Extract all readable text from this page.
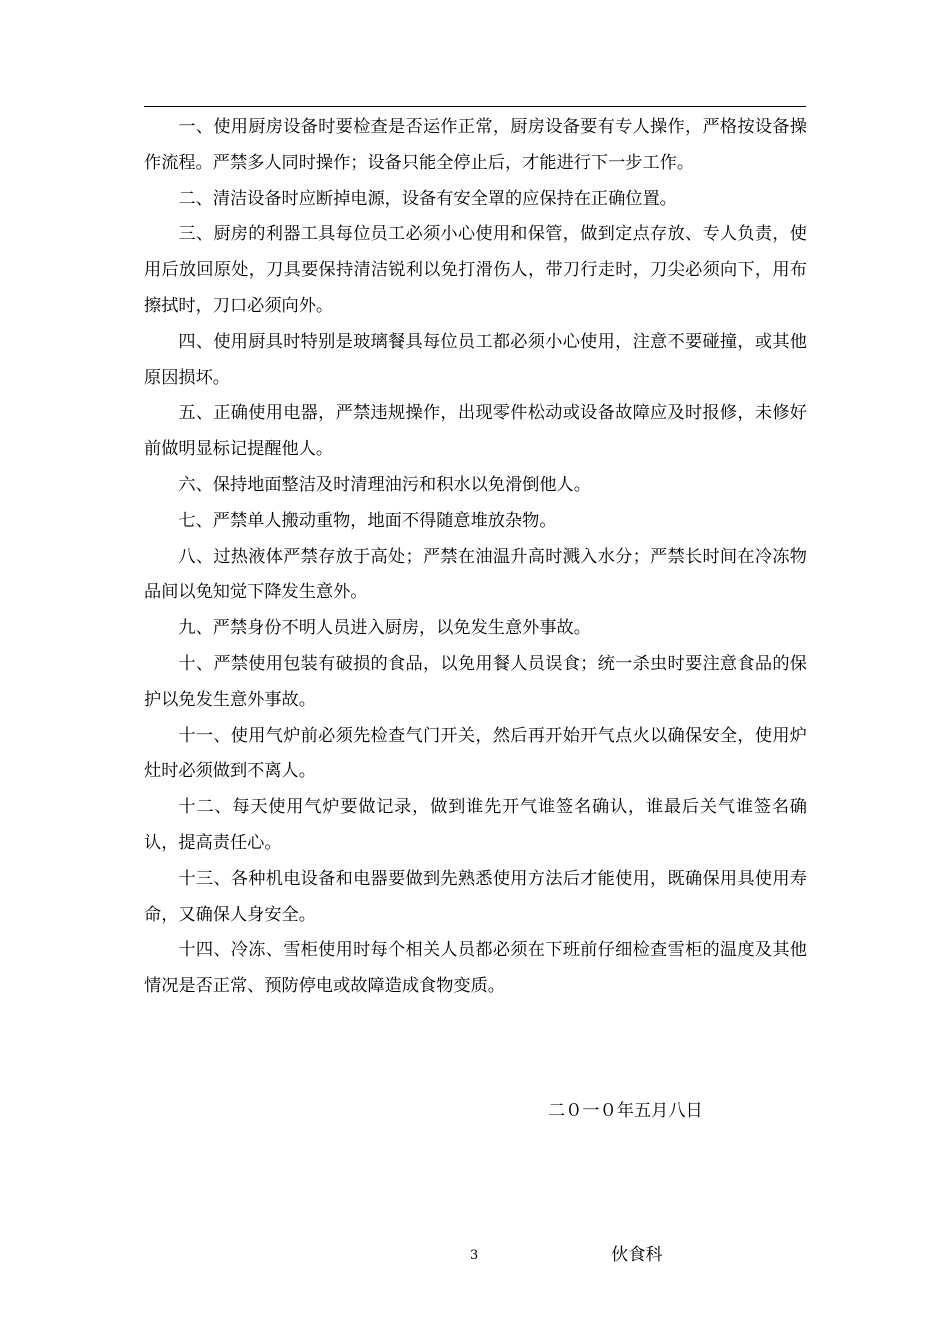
一、使用厨房设备时要检查是否运作正常，厨房设备要有专人操作，严格按设备操作流程。严禁多人同时操作；设备只能全停止后，才能进行下一步工作。

二、清洁设备时应断掉电源，设备有安全罩的应保持在正确位置。

三、厨房的利器工具每位员工必须小心使用和保管，做到定点存放、专人负责，使用后放回原处，刀具要保持清洁锐利以免打滑伤人，带刀行走时，刀尖必须向下，用布擦拭时，刀口必须向外。

四、使用厨具时特别是玻璃餐具每位员工都必须小心使用，注意不要碰撞，或其他原因损坏。

五、正确使用电器，严禁违规操作，出现零件松动或设备故障应及时报修，未修好前做明显标记提醒他人。

六、保持地面整洁及时清理油污和积水以免滑倒他人。

七、严禁单人搬动重物，地面不得随意堆放杂物。

八、过热液体严禁存放于高处；严禁在油温升高时溅入水分；严禁长时间在冷冻物品间以免知觉下降发生意外。

九、严禁身份不明人员进入厨房，以免发生意外事故。

十、严禁使用包装有破损的食品，以免用餐人员误食；统一杀虫时要注意食品的保护以免发生意外事故。

十一、使用气炉前必须先检查气门开关，然后再开始开气点火以确保安全，使用炉灶时必须做到不离人。

十二、每天使用气炉要做记录，做到谁先开气谁签名确认，谁最后关气谁签名确认，提高责任心。

十三、各种机电设备和电器要做到先熟悉使用方法后才能使用，既确保用具使用寿命，又确保人身安全。

十四、冷冻、雪柜使用时每个相关人员都必须在下班前仔细检查雪柜的温度及其他情况是否正常、预防停电或故障造成食物变质。

二０一０年五月八日
3	伙食科
